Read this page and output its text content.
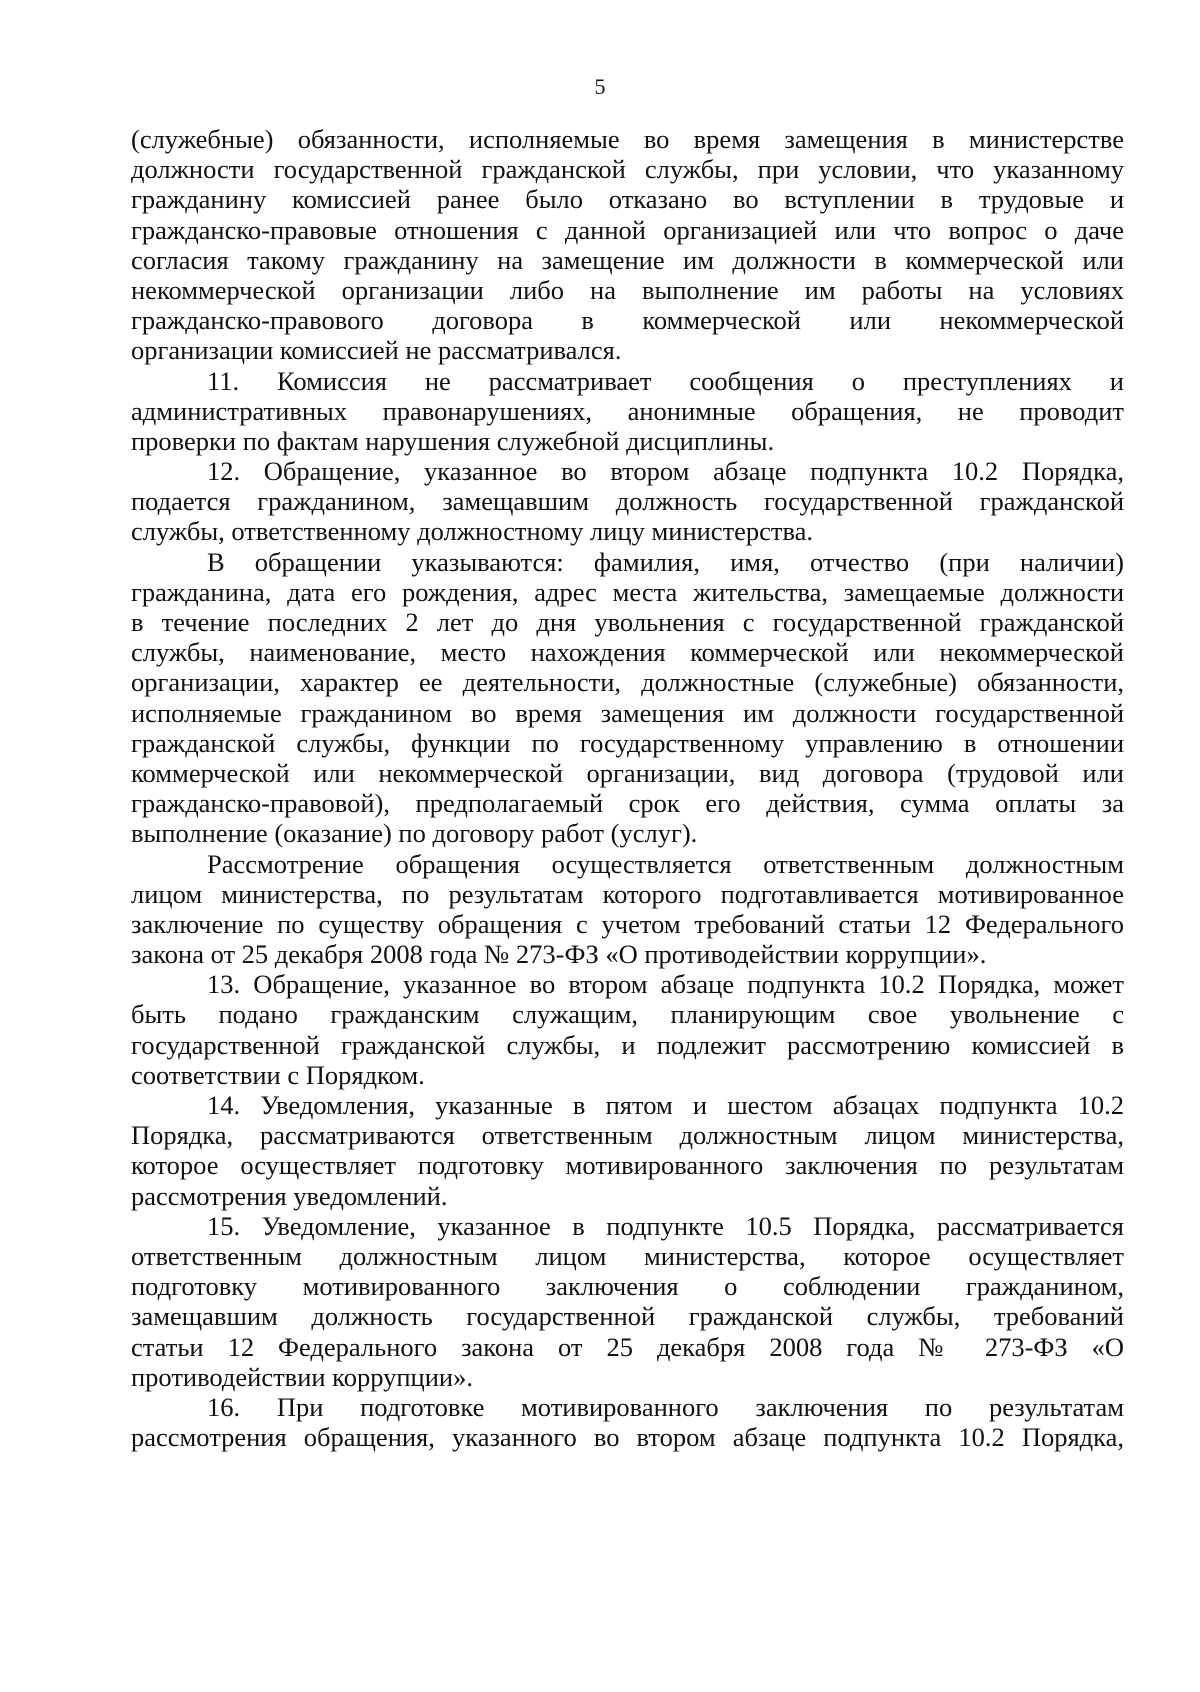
5
(служебные) обязанности, исполняемые во время замещения в министерстве
должности государственной гражданской службы, при условии, что указанному
гражданину комиссией ранее было отказано во вступлении в трудовые и
гражданско-правовые отношения с данной организацией или что вопрос о даче
согласия такому гражданину на замещение им должности в коммерческой или
некоммерческой организации либо на выполнение им работы на условиях
гражданско-правового договора в коммерческой или некоммерческой
организации комиссией не рассматривался.
11. Комиссия не рассматривает сообщения о преступлениях и
административных правонарушениях, анонимные обращения, не проводит
проверки по фактам нарушения служебной дисциплины.
12. Обращение, указанное во втором абзаце подпункта 10.2 Порядка,
подается гражданином, замещавшим должность государственной гражданской
службы, ответственному должностному лицу министерства.
В обращении указываются: фамилия, имя, отчество (при наличии)
гражданина, дата его рождения, адрес места жительства, замещаемые должности
в течение последних 2 лет до дня увольнения с государственной гражданской
службы, наименование, место нахождения коммерческой или некоммерческой
организации, характер ее деятельности, должностные (служебные) обязанности,
исполняемые гражданином во время замещения им должности государственной
гражданской службы, функции по государственному управлению в отношении
коммерческой или некоммерческой организации, вид договора (трудовой или
гражданско-правовой), предполагаемый срок его действия, сумма оплаты за
выполнение (оказание) по договору работ (услуг).
Рассмотрение обращения осуществляется ответственным должностным
лицом министерства, по результатам которого подготавливается мотивированное
заключение по существу обращения с учетом требований статьи 12 Федерального
закона от 25 декабря 2008 года № 273-ФЗ «О противодействии коррупции».
13. Обращение, указанное во втором абзаце подпункта 10.2 Порядка, может
быть подано гражданским служащим, планирующим свое увольнение с
государственной гражданской службы, и подлежит рассмотрению комиссией в
соответствии с Порядком.
14. Уведомления, указанные в пятом и шестом абзацах подпункта 10.2
Порядка, рассматриваются ответственным должностным лицом министерства,
которое осуществляет подготовку мотивированного заключения по результатам
рассмотрения уведомлений.
15. Уведомление, указанное в подпункте 10.5 Порядка, рассматривается
ответственным должностным лицом министерства, которое осуществляет
подготовку мотивированного заключения о соблюдении гражданином,
замещавшим должность государственной гражданской службы, требований
статьи 12 Федерального закона от 25 декабря 2008 года № 273-ФЗ «О
противодействии коррупции».
16. При подготовке мотивированного заключения по результатам
рассмотрения обращения, указанного во втором абзаце подпункта 10.2 Порядка,
